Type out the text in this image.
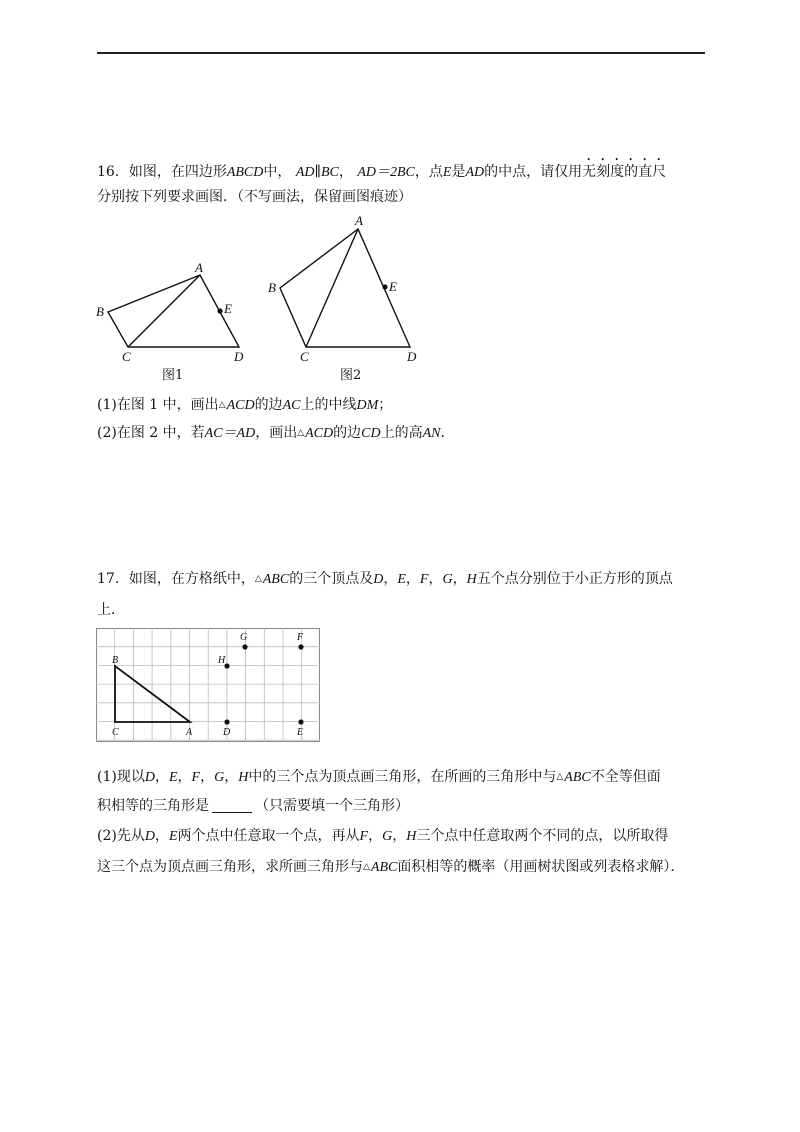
16．如图，在四边形ABCD中， AD∥BC， AD＝2BC，点E是AD的中点，请仅用无刻度的直尺
分别按下列要求画图．（不写画法，保留画图痕迹）
A
B
C	D
E
图1
A
B
C	D
E
图2
(1)在图 1 中，画出△ACD的边AC上的中线DM；
(2)在图 2 中，若AC＝AD，画出△ACD的边CD上的高AN．
17．如图，在方格纸中，△ABC的三个顶点及D，E，F，G，H五个点分别位于小正方形的顶点
上．
B
C	A
H
G	F
D	E
(1)现以D，E，F，G，H中的三个点为顶点画三角形，在所画的三角形中与△ABC不全等但面
积相等的三角形是	（只需要填一个三角形）
(2)先从D，E两个点中任意取一个点，再从F，G，H三个点中任意取两个不同的点，以所取得
这三个点为顶点画三角形，求所画三角形与△ABC面积相等的概率（用画树状图或列表格求解）．
